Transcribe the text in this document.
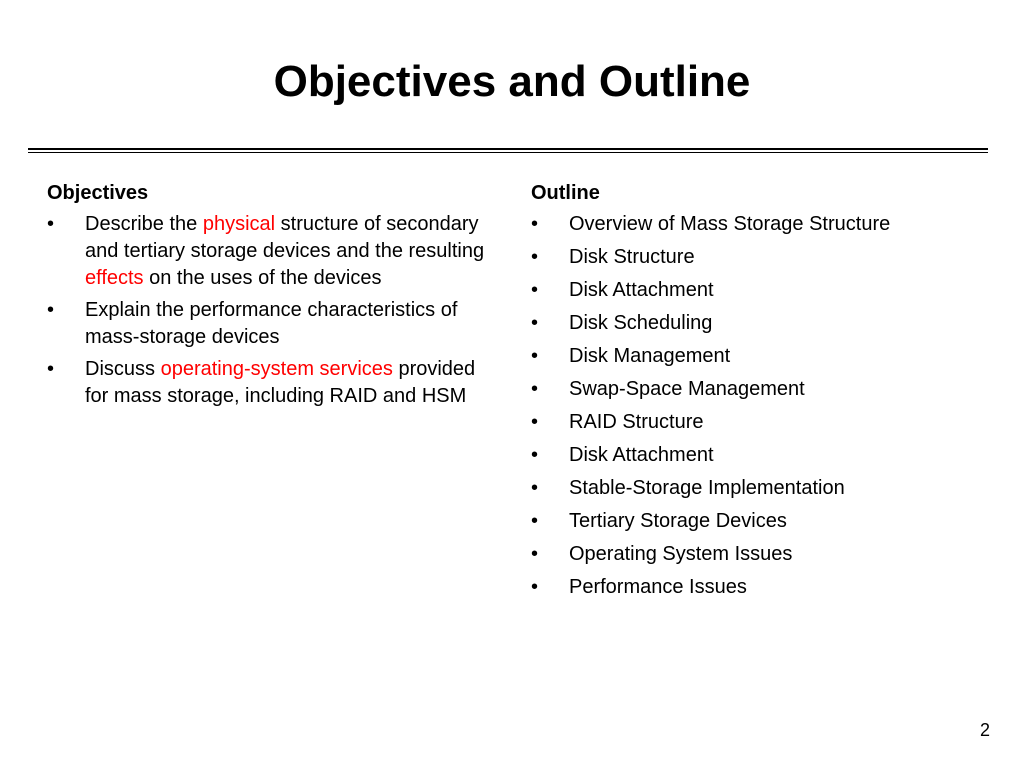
Objectives and Outline
Objectives
• Describe the physical structure of secondary and tertiary storage devices and the resulting effects on the uses of the devices
• Explain the performance characteristics of mass-storage devices
• Discuss operating-system services provided for mass storage, including RAID and HSM
Outline
• Overview of Mass Storage Structure
• Disk Structure
• Disk Attachment
• Disk Scheduling
• Disk Management
• Swap-Space Management
• RAID Structure
• Disk Attachment
• Stable-Storage Implementation
• Tertiary Storage Devices
• Operating System Issues
• Performance Issues
2
